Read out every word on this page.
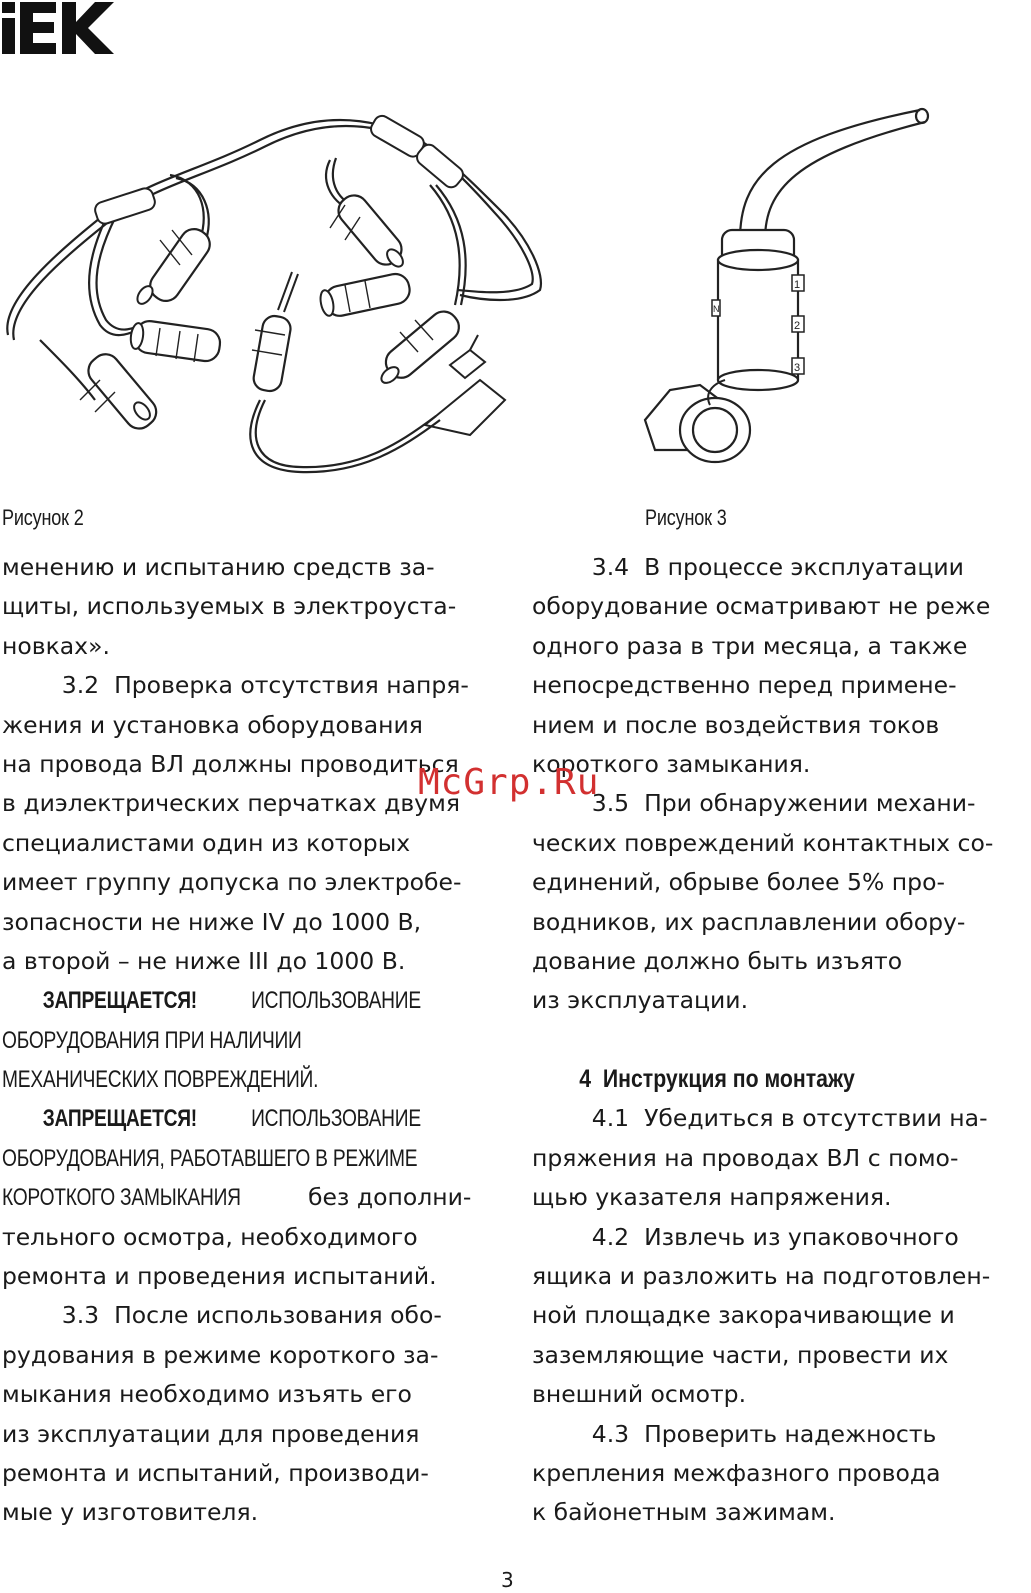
1
2
3
N
Рисунок 2	Рисунок 3
менению и испытанию средств за-
щиты, используемых в электроуста-
новках».
3.2  Проверка отсутствия напря-
жения и установка оборудования
на провода ВЛ должны проводиться
в диэлектрических перчатках двумя
специалистами один из которых
имеет группу допуска по электробе-
зопасности не ниже IV до 1000 В,
а второй – не ниже III до 1000 В.
ЗАПРЕЩАЕТСЯ! ИСПОЛЬЗОВАНИЕ
ОБОРУДОВАНИЯ ПРИ НАЛИЧИИ
МЕХАНИЧЕСКИХ ПОВРЕЖДЕНИЙ.
ЗАПРЕЩАЕТСЯ! ИСПОЛЬЗОВАНИЕ
ОБОРУДОВАНИЯ, РАБОТАВШЕГО В РЕЖИМЕ
КОРОТКОГО ЗАМЫКАНИЯ	без дополни-
тельного осмотра, необходимого
ремонта и проведения испытаний.
3.3  После использования обо-
рудования в режиме короткого за-
мыкания необходимо изъять его
из эксплуатации для проведения
ремонта и испытаний, производи-
мые у изготовителя.
3.4  В процессе эксплуатации
оборудование осматривают не реже
одного раза в три месяца, а также
непосредственно перед примене-
нием и после воздействия токов
короткого замыкания.
3.5  При обнаружении механи-
ческих повреждений контактных со-
единений, обрыве более 5% про-
водников, их расплавлении обору-
дование должно быть изъято
из эксплуатации.
4  Инструкция по монтажу
4.1  Убедиться в отсутствии на-
пряжения на проводах ВЛ с помо-
щью указателя напряжения.
4.2  Извлечь из упаковочного
ящика и разложить на подготовлен-
ной площадке закорачивающие и
заземляющие части, провести их
внешний осмотр.
4.3  Проверить надежность
крепления межфазного провода
к байонетным зажимам.
McGrp.Ru
3
